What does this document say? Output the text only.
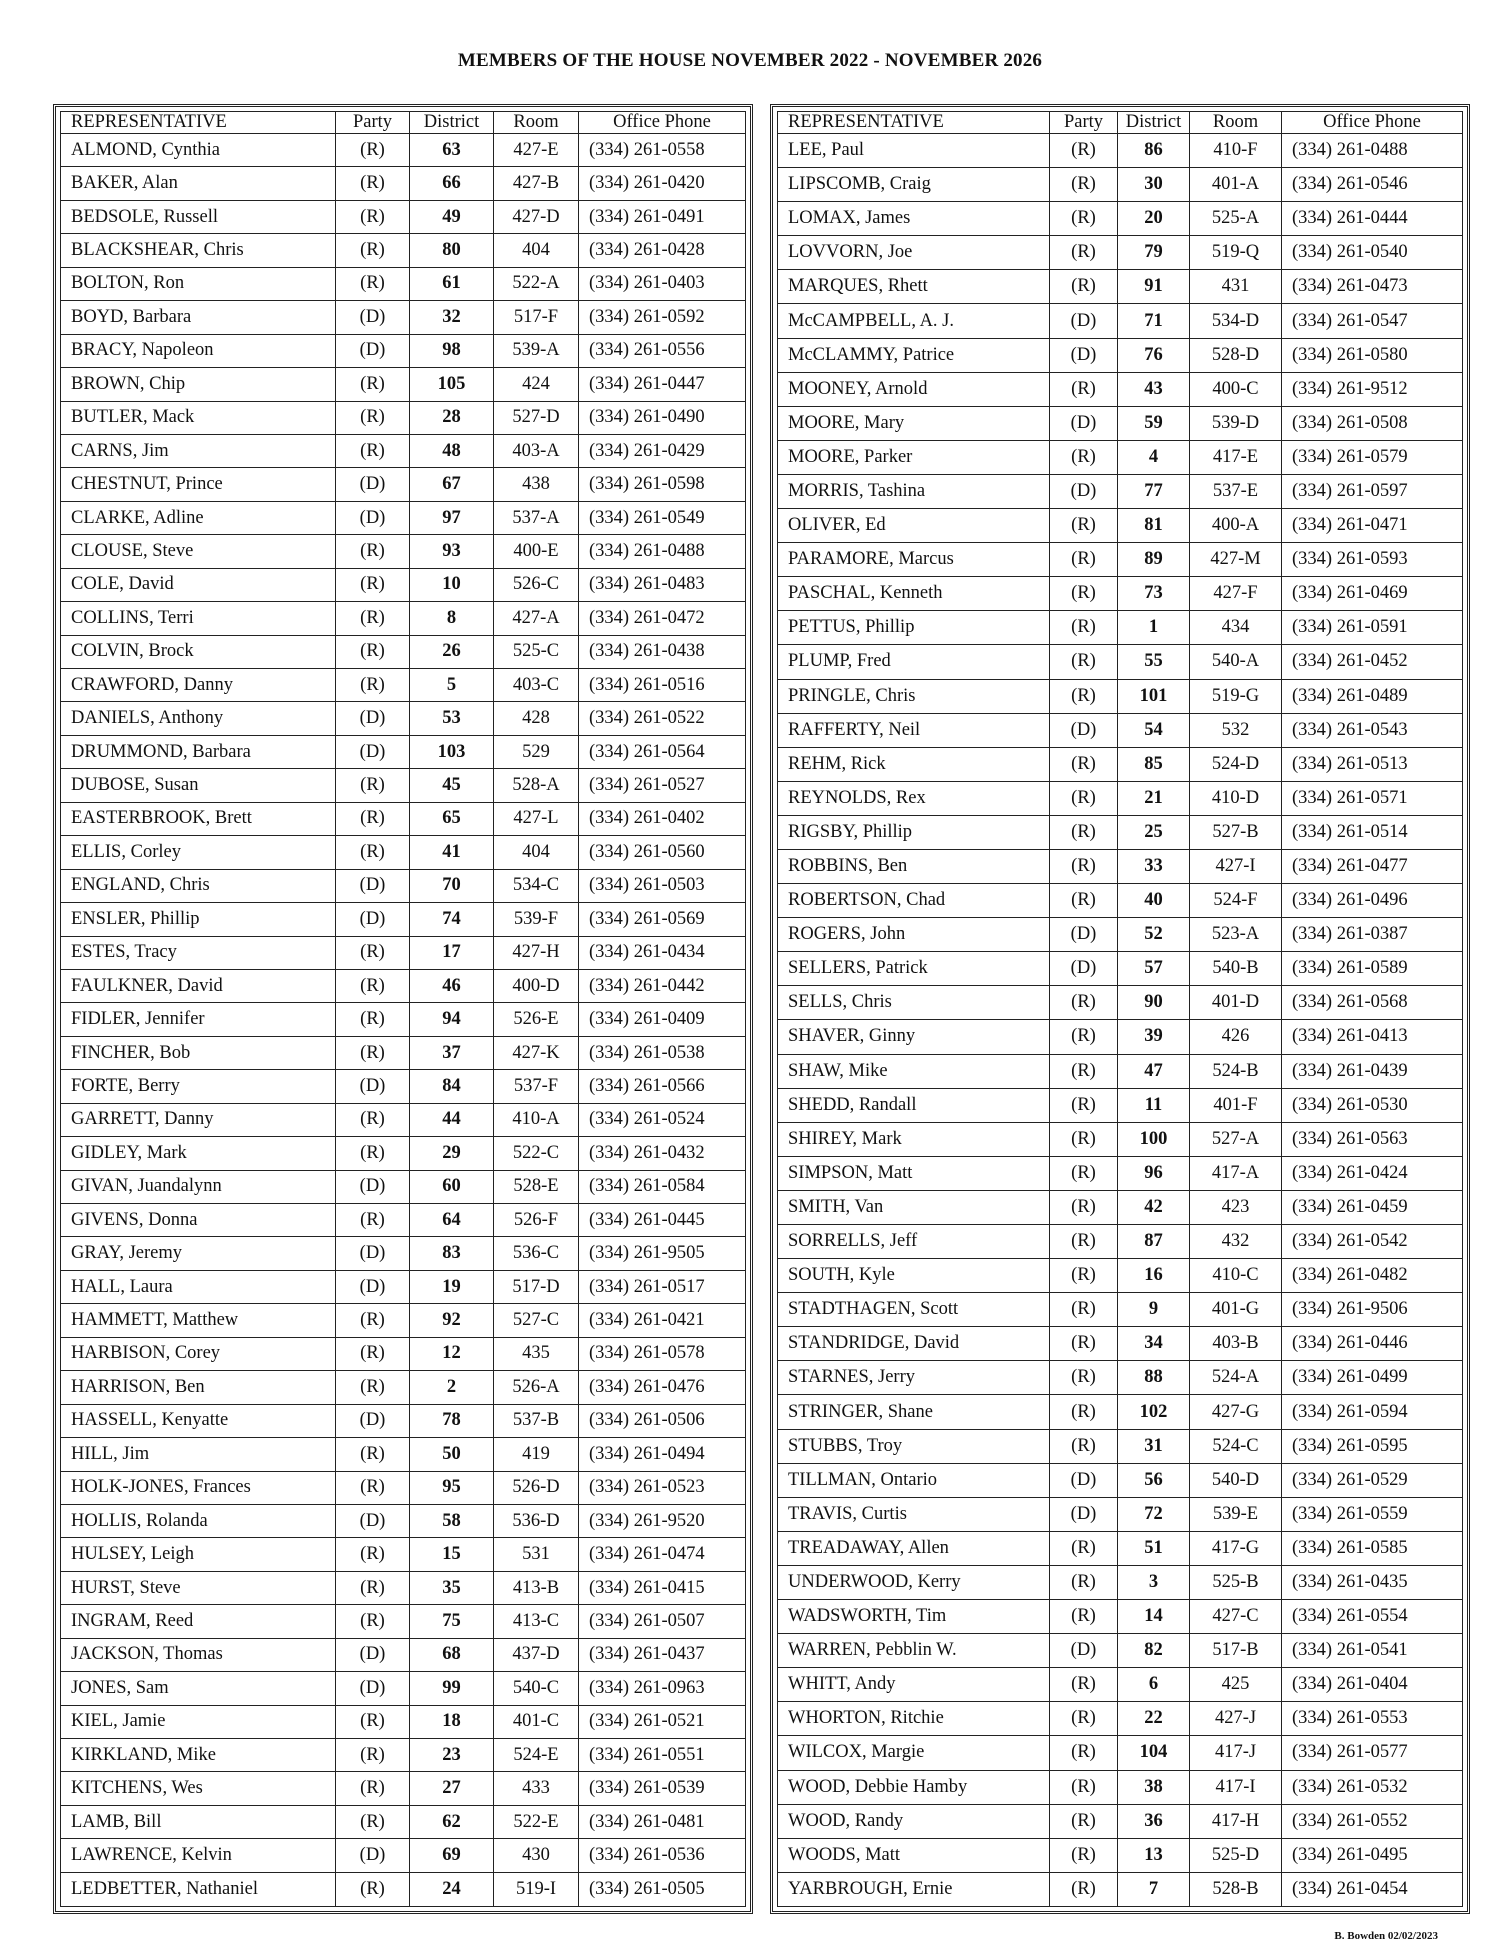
MEMBERS OF THE HOUSE NOVEMBER 2022 - NOVEMBER 2026
REPRESENTATIVE	Party	District	Room	Office Phone
ALMOND, Cynthia	(R)	63	427-E	(334) 261-0558
BAKER, Alan	(R)	66	427-B	(334) 261-0420
BEDSOLE, Russell	(R)	49	427-D	(334) 261-0491
BLACKSHEAR, Chris	(R)	80	404	(334) 261-0428
BOLTON, Ron	(R)	61	522-A	(334) 261-0403
BOYD, Barbara	(D)	32	517-F	(334) 261-0592
BRACY, Napoleon	(D)	98	539-A	(334) 261-0556
BROWN, Chip	(R)	105	424	(334) 261-0447
BUTLER, Mack	(R)	28	527-D	(334) 261-0490
CARNS, Jim	(R)	48	403-A	(334) 261-0429
CHESTNUT, Prince	(D)	67	438	(334) 261-0598
CLARKE, Adline	(D)	97	537-A	(334) 261-0549
CLOUSE, Steve	(R)	93	400-E	(334) 261-0488
COLE, David	(R)	10	526-C	(334) 261-0483
COLLINS, Terri	(R)	8	427-A	(334) 261-0472
COLVIN, Brock	(R)	26	525-C	(334) 261-0438
CRAWFORD, Danny	(R)	5	403-C	(334) 261-0516
DANIELS, Anthony	(D)	53	428	(334) 261-0522
DRUMMOND, Barbara	(D)	103	529	(334) 261-0564
DUBOSE, Susan	(R)	45	528-A	(334) 261-0527
EASTERBROOK, Brett	(R)	65	427-L	(334) 261-0402
ELLIS, Corley	(R)	41	404	(334) 261-0560
ENGLAND, Chris	(D)	70	534-C	(334) 261-0503
ENSLER, Phillip	(D)	74	539-F	(334) 261-0569
ESTES, Tracy	(R)	17	427-H	(334) 261-0434
FAULKNER, David	(R)	46	400-D	(334) 261-0442
FIDLER, Jennifer	(R)	94	526-E	(334) 261-0409
FINCHER, Bob	(R)	37	427-K	(334) 261-0538
FORTE, Berry	(D)	84	537-F	(334) 261-0566
GARRETT, Danny	(R)	44	410-A	(334) 261-0524
GIDLEY, Mark	(R)	29	522-C	(334) 261-0432
GIVAN, Juandalynn	(D)	60	528-E	(334) 261-0584
GIVENS, Donna	(R)	64	526-F	(334) 261-0445
GRAY, Jeremy	(D)	83	536-C	(334) 261-9505
HALL, Laura	(D)	19	517-D	(334) 261-0517
HAMMETT, Matthew	(R)	92	527-C	(334) 261-0421
HARBISON, Corey	(R)	12	435	(334) 261-0578
HARRISON, Ben	(R)	2	526-A	(334) 261-0476
HASSELL, Kenyatte	(D)	78	537-B	(334) 261-0506
HILL, Jim	(R)	50	419	(334) 261-0494
HOLK-JONES, Frances	(R)	95	526-D	(334) 261-0523
HOLLIS, Rolanda	(D)	58	536-D	(334) 261-9520
HULSEY, Leigh	(R)	15	531	(334) 261-0474
HURST, Steve	(R)	35	413-B	(334) 261-0415
INGRAM, Reed	(R)	75	413-C	(334) 261-0507
JACKSON, Thomas	(D)	68	437-D	(334) 261-0437
JONES, Sam	(D)	99	540-C	(334) 261-0963
KIEL, Jamie	(R)	18	401-C	(334) 261-0521
KIRKLAND, Mike	(R)	23	524-E	(334) 261-0551
KITCHENS, Wes	(R)	27	433	(334) 261-0539
LAMB, Bill	(R)	62	522-E	(334) 261-0481
LAWRENCE, Kelvin	(D)	69	430	(334) 261-0536
LEDBETTER, Nathaniel	(R)	24	519-I	(334) 261-0505
REPRESENTATIVE	Party	District	Room	Office Phone
LEE, Paul	(R)	86	410-F	(334) 261-0488
LIPSCOMB, Craig	(R)	30	401-A	(334) 261-0546
LOMAX, James	(R)	20	525-A	(334) 261-0444
LOVVORN, Joe	(R)	79	519-Q	(334) 261-0540
MARQUES, Rhett	(R)	91	431	(334) 261-0473
McCAMPBELL, A. J.	(D)	71	534-D	(334) 261-0547
McCLAMMY, Patrice	(D)	76	528-D	(334) 261-0580
MOONEY, Arnold	(R)	43	400-C	(334) 261-9512
MOORE, Mary	(D)	59	539-D	(334) 261-0508
MOORE, Parker	(R)	4	417-E	(334) 261-0579
MORRIS, Tashina	(D)	77	537-E	(334) 261-0597
OLIVER, Ed	(R)	81	400-A	(334) 261-0471
PARAMORE, Marcus	(R)	89	427-M	(334) 261-0593
PASCHAL, Kenneth	(R)	73	427-F	(334) 261-0469
PETTUS, Phillip	(R)	1	434	(334) 261-0591
PLUMP, Fred	(R)	55	540-A	(334) 261-0452
PRINGLE, Chris	(R)	101	519-G	(334) 261-0489
RAFFERTY, Neil	(D)	54	532	(334) 261-0543
REHM, Rick	(R)	85	524-D	(334) 261-0513
REYNOLDS, Rex	(R)	21	410-D	(334) 261-0571
RIGSBY, Phillip	(R)	25	527-B	(334) 261-0514
ROBBINS, Ben	(R)	33	427-I	(334) 261-0477
ROBERTSON, Chad	(R)	40	524-F	(334) 261-0496
ROGERS, John	(D)	52	523-A	(334) 261-0387
SELLERS, Patrick	(D)	57	540-B	(334) 261-0589
SELLS, Chris	(R)	90	401-D	(334) 261-0568
SHAVER, Ginny	(R)	39	426	(334) 261-0413
SHAW, Mike	(R)	47	524-B	(334) 261-0439
SHEDD, Randall	(R)	11	401-F	(334) 261-0530
SHIREY, Mark	(R)	100	527-A	(334) 261-0563
SIMPSON, Matt	(R)	96	417-A	(334) 261-0424
SMITH, Van	(R)	42	423	(334) 261-0459
SORRELLS, Jeff	(R)	87	432	(334) 261-0542
SOUTH, Kyle	(R)	16	410-C	(334) 261-0482
STADTHAGEN, Scott	(R)	9	401-G	(334) 261-9506
STANDRIDGE, David	(R)	34	403-B	(334) 261-0446
STARNES, Jerry	(R)	88	524-A	(334) 261-0499
STRINGER, Shane	(R)	102	427-G	(334) 261-0594
STUBBS, Troy	(R)	31	524-C	(334) 261-0595
TILLMAN, Ontario	(D)	56	540-D	(334) 261-0529
TRAVIS, Curtis	(D)	72	539-E	(334) 261-0559
TREADAWAY, Allen	(R)	51	417-G	(334) 261-0585
UNDERWOOD, Kerry	(R)	3	525-B	(334) 261-0435
WADSWORTH, Tim	(R)	14	427-C	(334) 261-0554
WARREN, Pebblin W.	(D)	82	517-B	(334) 261-0541
WHITT, Andy	(R)	6	425	(334) 261-0404
WHORTON, Ritchie	(R)	22	427-J	(334) 261-0553
WILCOX, Margie	(R)	104	417-J	(334) 261-0577
WOOD, Debbie Hamby	(R)	38	417-I	(334) 261-0532
WOOD, Randy	(R)	36	417-H	(334) 261-0552
WOODS, Matt	(R)	13	525-D	(334) 261-0495
YARBROUGH, Ernie	(R)	7	528-B	(334) 261-0454
B. Bowden 02/02/2023
